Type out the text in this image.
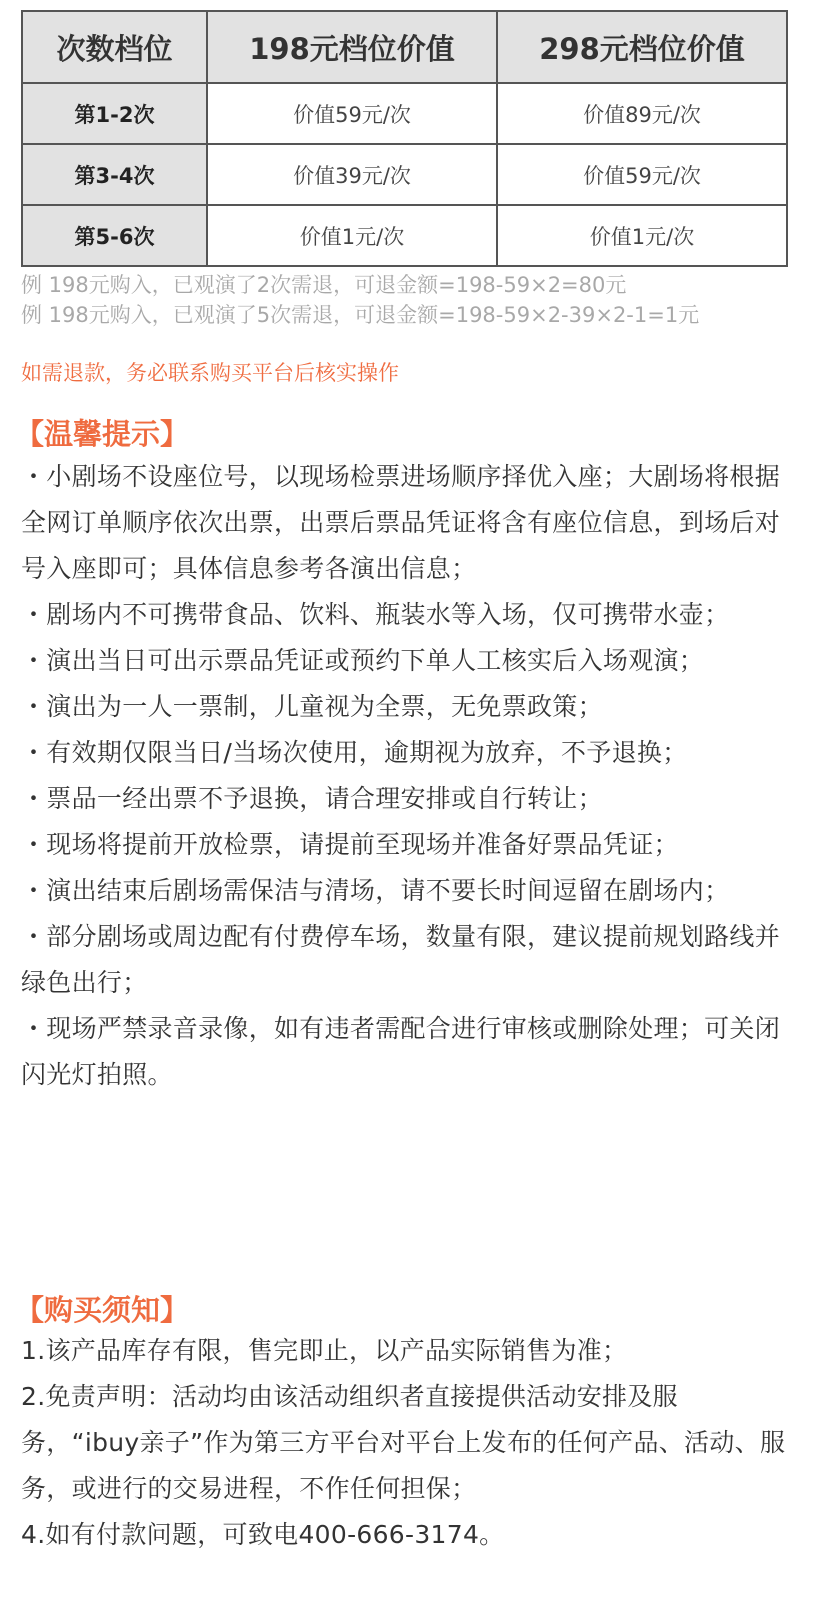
次数档位	198元档位价值	298元档位价值
第1-2次	价值59元/次	价值89元/次
第3-4次	价值39元/次	价值59元/次
第5-6次	价值1元/次	价值1元/次

例 198元购入，已观演了2次需退，可退金额=198-59×2=80元

例 198元购入，已观演了5次需退，可退金额=198-59×2-39×2-1=1元

如需退款，务必联系购买平台后核实操作

【温馨提示】

・小剧场不设座位号，以现场检票进场顺序择优入座；大剧场将根据全网订单顺序依次出票，出票后票品凭证将含有座位信息，到场后对号入座即可；具体信息参考各演出信息；

・剧场内不可携带食品、饮料、瓶装水等入场，仅可携带水壶；

・演出当日可出示票品凭证或预约下单人工核实后入场观演；

・演出为一人一票制，儿童视为全票，无免票政策；

・有效期仅限当日/当场次使用，逾期视为放弃，不予退换；

・票品一经出票不予退换，请合理安排或自行转让；

・现场将提前开放检票，请提前至现场并准备好票品凭证；

・演出结束后剧场需保洁与清场，请不要长时间逗留在剧场内；

・部分剧场或周边配有付费停车场，数量有限，建议提前规划路线并绿色出行；

・现场严禁录音录像，如有违者需配合进行审核或删除处理；可关闭闪光灯拍照。

【购买须知】

1.该产品库存有限，售完即止，以产品实际销售为准；

2.免责声明：活动均由该活动组织者直接提供活动安排及服务，“ibuy亲子”作为第三方平台对平台上发布的任何产品、活动、服务，或进行的交易进程，不作任何担保；

4.如有付款问题，可致电400-666-3174。
